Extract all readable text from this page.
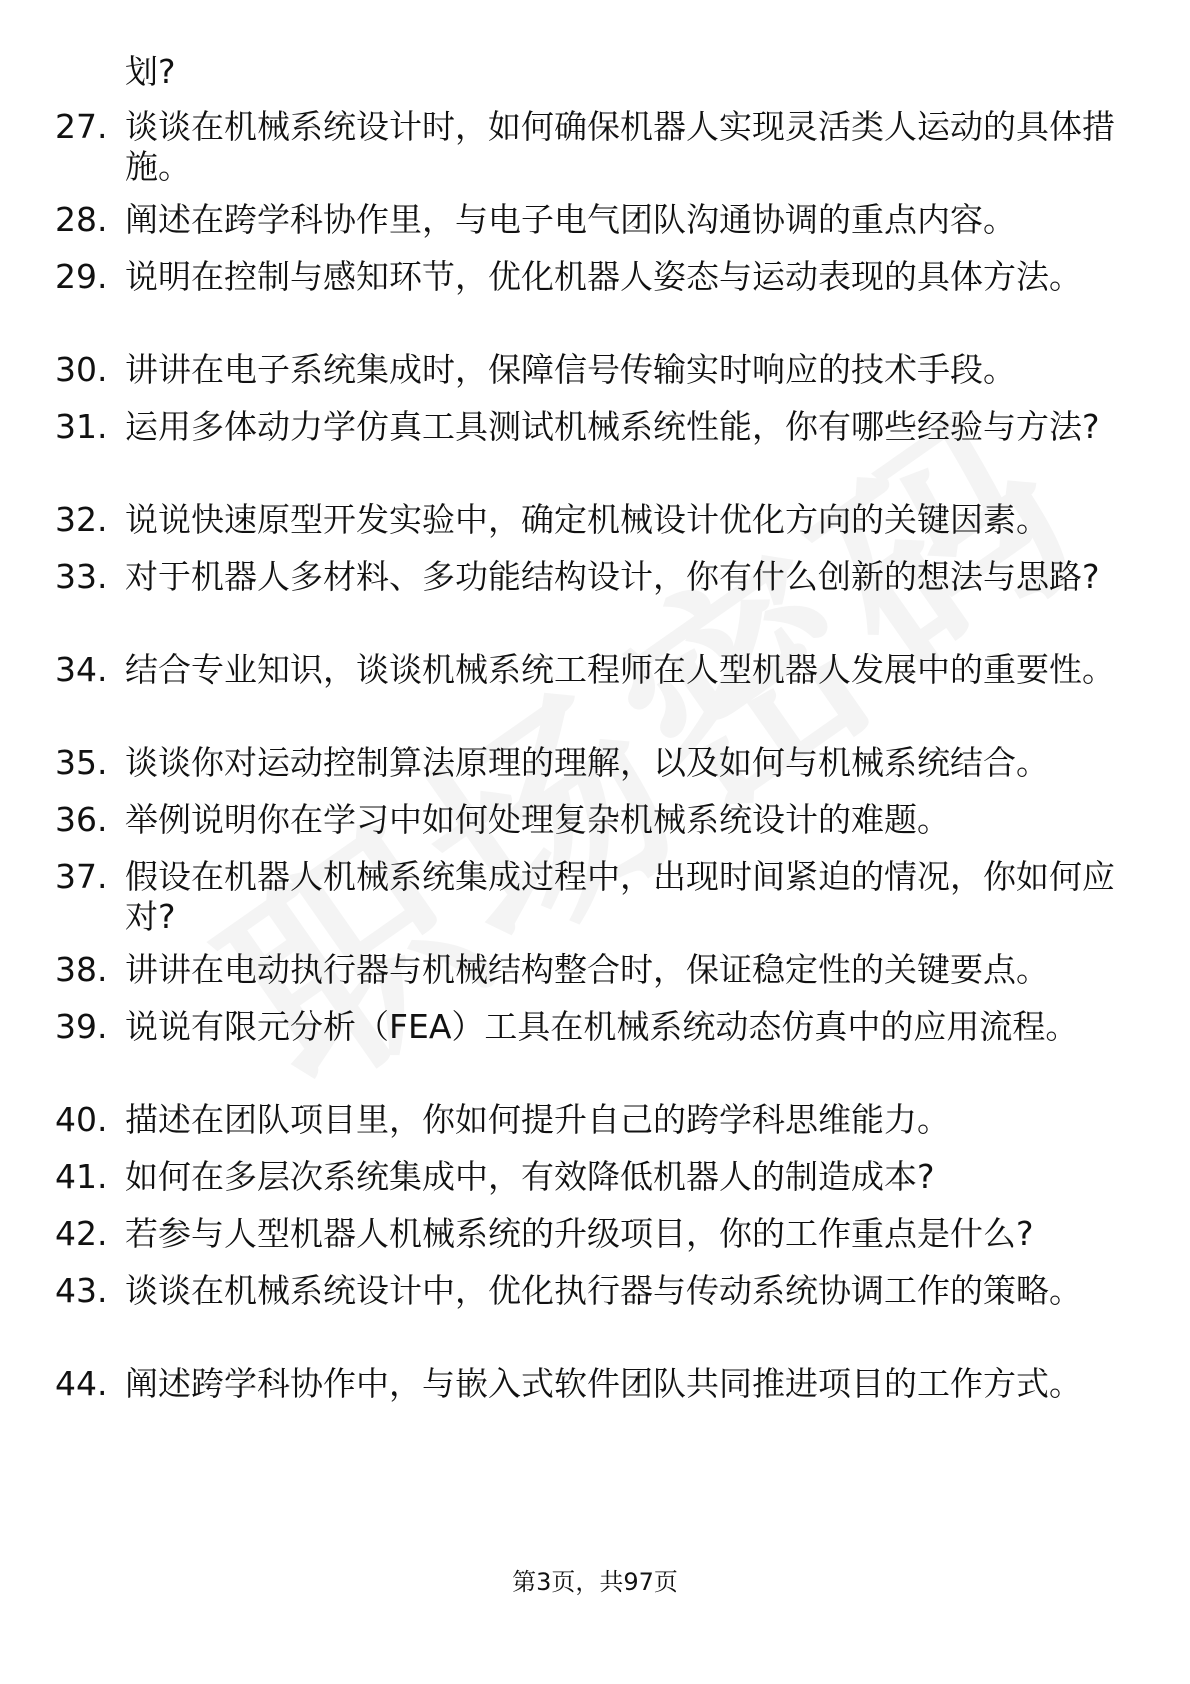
划?
27. 谈谈在机械系统设计时，如何确保机器人实现灵活类人运动的具体措施。
28. 阐述在跨学科协作里，与电子电气团队沟通协调的重点内容。
29. 说明在控制与感知环节，优化机器人姿态与运动表现的具体方法。
30. 讲讲在电子系统集成时，保障信号传输实时响应的技术手段。
31. 运用多体动力学仿真工具测试机械系统性能，你有哪些经验与方法?
32. 说说快速原型开发实验中，确定机械设计优化方向的关键因素。
33. 对于机器人多材料、多功能结构设计，你有什么创新的想法与思路?
34. 结合专业知识，谈谈机械系统工程师在人型机器人发展中的重要性。
35. 谈谈你对运动控制算法原理的理解，以及如何与机械系统结合。
36. 举例说明你在学习中如何处理复杂机械系统设计的难题。
37. 假设在机器人机械系统集成过程中，出现时间紧迫的情况，你如何应对?
38. 讲讲在电动执行器与机械结构整合时，保证稳定性的关键要点。
39. 说说有限元分析（FEA）工具在机械系统动态仿真中的应用流程。
40. 描述在团队项目里，你如何提升自己的跨学科思维能力。
41. 如何在多层次系统集成中，有效降低机器人的制造成本?
42. 若参与人型机器人机械系统的升级项目，你的工作重点是什么?
43. 谈谈在机械系统设计中，优化执行器与传动系统协调工作的策略。
44. 阐述跨学科协作中，与嵌入式软件团队共同推进项目的工作方式。
第3页，共97页
